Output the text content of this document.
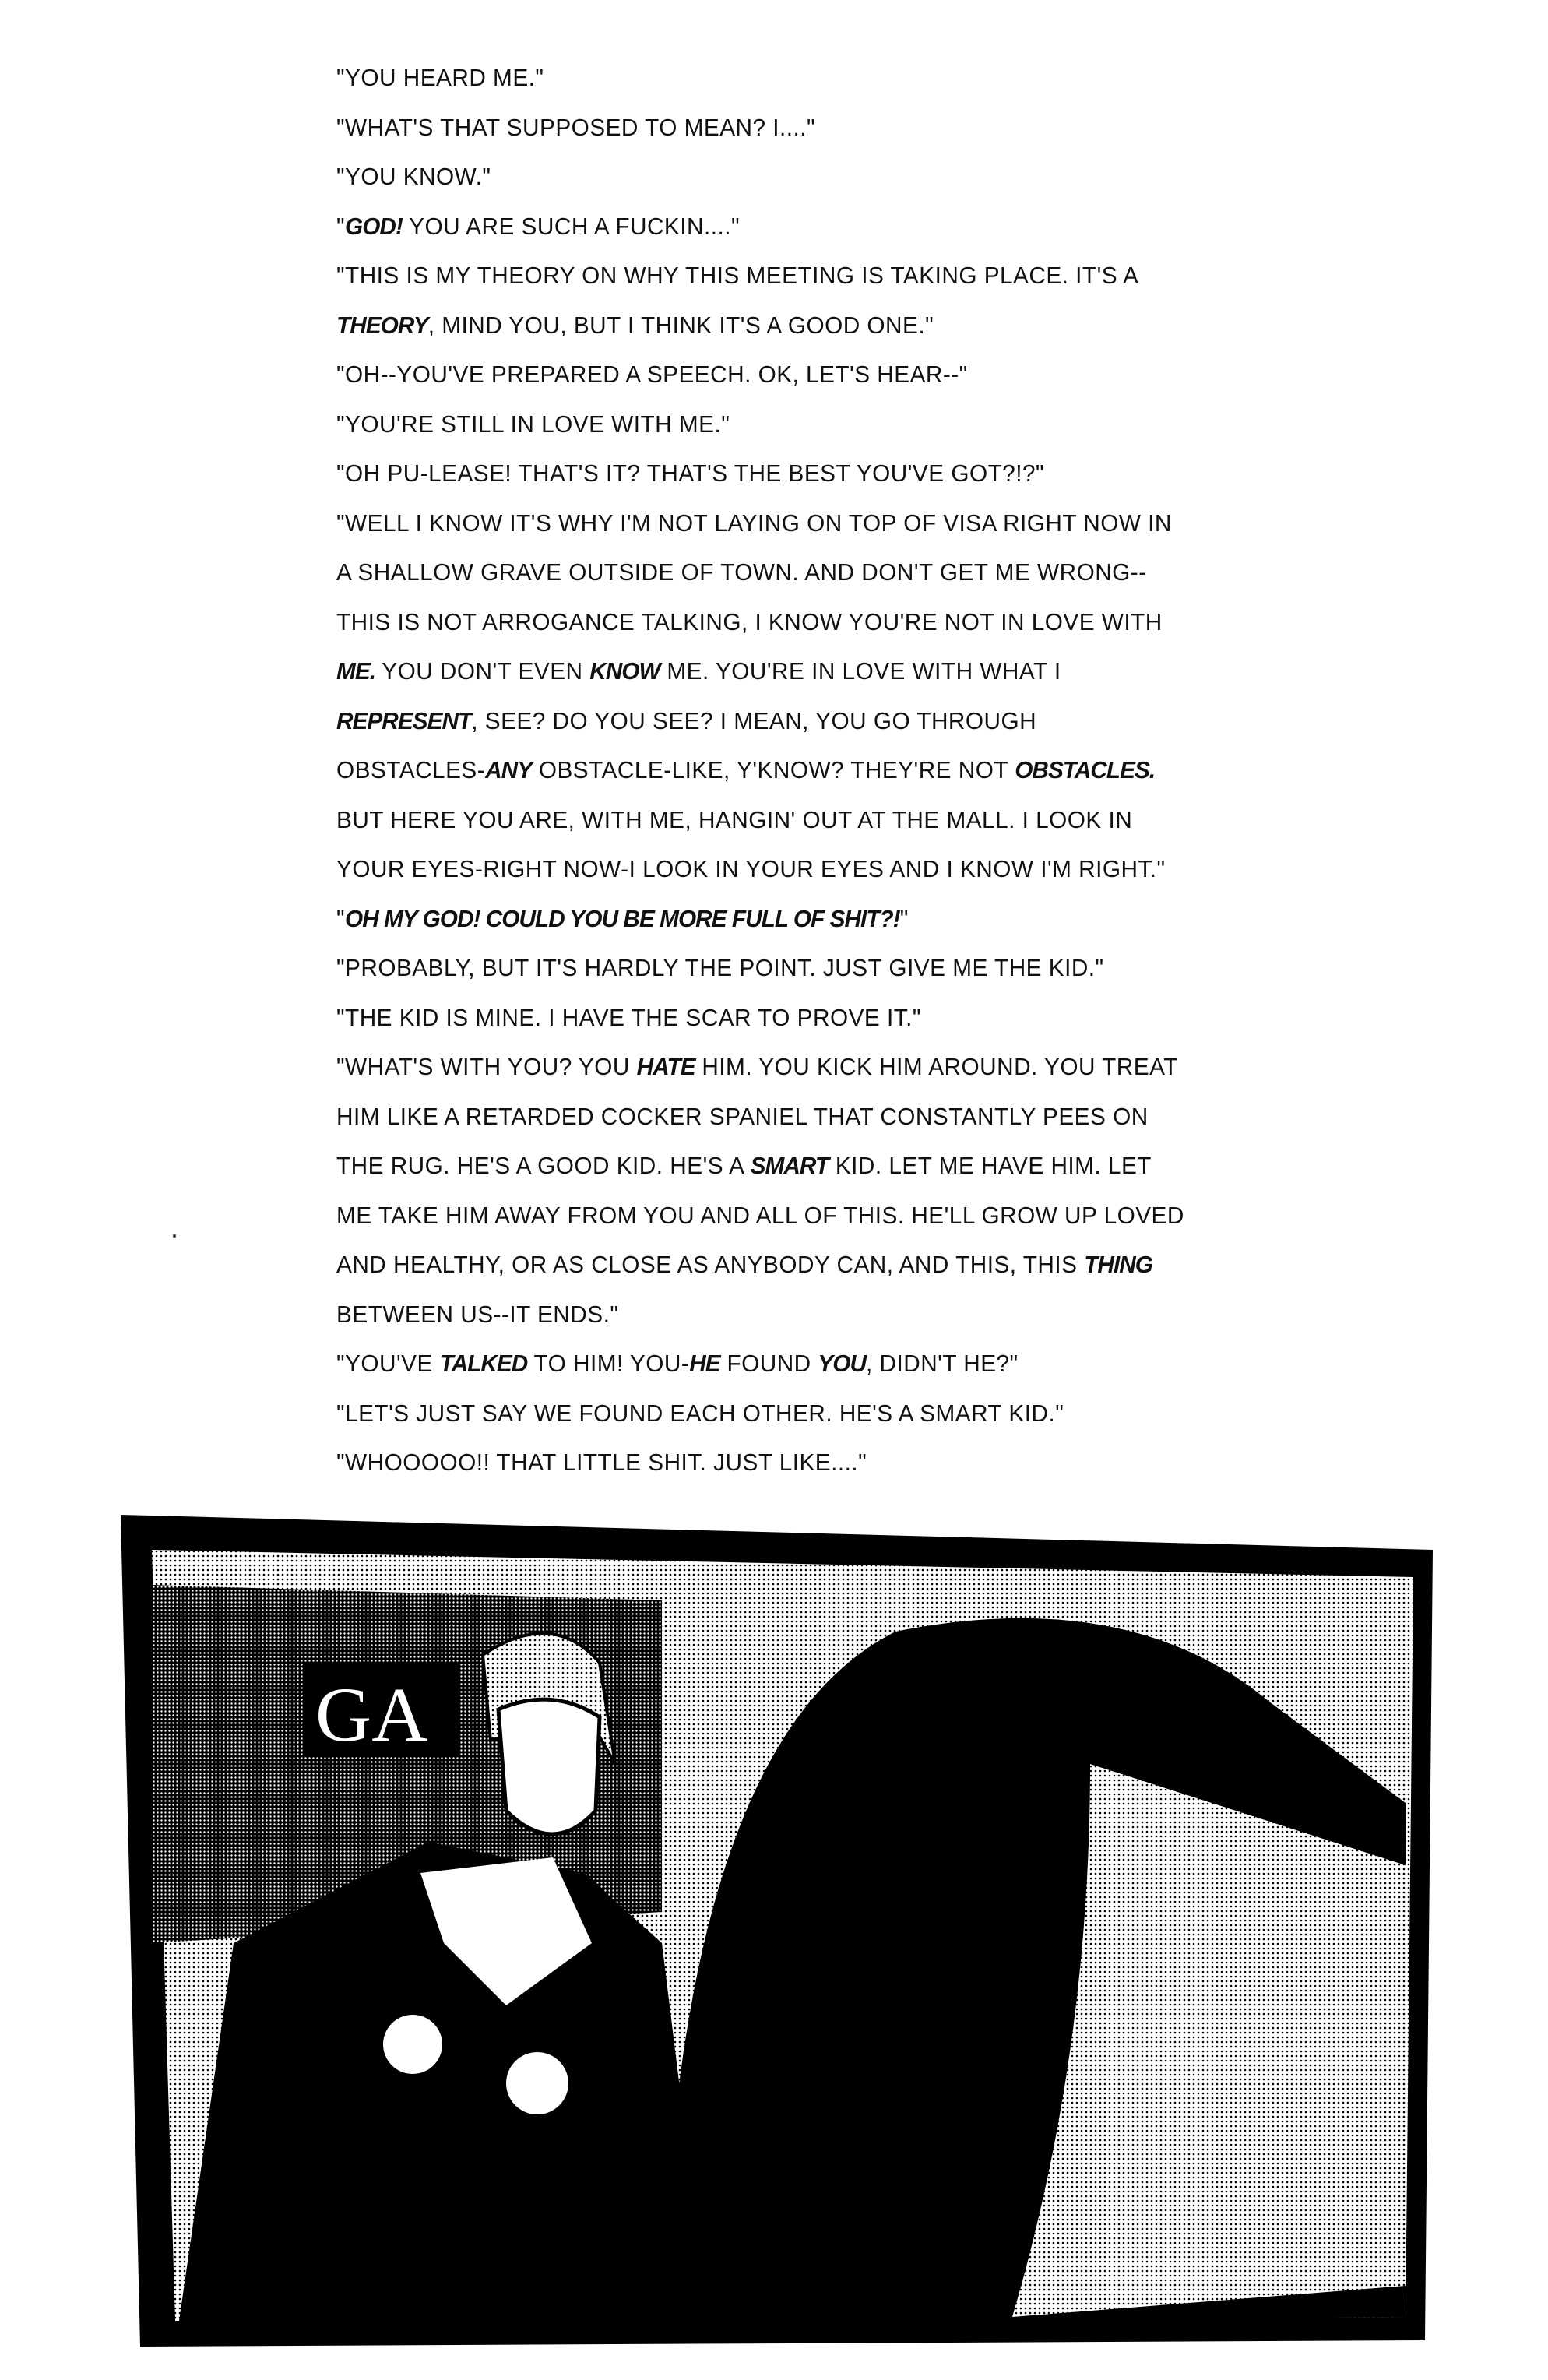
"YOU HEARD ME."
"WHAT'S THAT SUPPOSED TO MEAN? I...."
"YOU KNOW."
"GOD! YOU ARE SUCH A FUCKIN...."
"THIS IS MY THEORY ON WHY THIS MEETING IS TAKING PLACE. IT'S A
THEORY, MIND YOU, BUT I THINK IT'S A GOOD ONE."
"OH--YOU'VE PREPARED A SPEECH. OK, LET'S HEAR--"
"YOU'RE STILL IN LOVE WITH ME."
"OH PU-LEASE! THAT'S IT? THAT'S THE BEST YOU'VE GOT?!?"
"WELL I KNOW IT'S WHY I'M NOT LAYING ON TOP OF VISA RIGHT NOW IN
A SHALLOW GRAVE OUTSIDE OF TOWN. AND DON'T GET ME WRONG--
THIS IS NOT ARROGANCE TALKING, I KNOW YOU'RE NOT IN LOVE WITH
ME. YOU DON'T EVEN KNOW ME. YOU'RE IN LOVE WITH WHAT I
REPRESENT, SEE? DO YOU SEE? I MEAN, YOU GO THROUGH
OBSTACLES-ANY OBSTACLE-LIKE, Y'KNOW? THEY'RE NOT OBSTACLES.
BUT HERE YOU ARE, WITH ME, HANGIN' OUT AT THE MALL. I LOOK IN
YOUR EYES-RIGHT NOW-I LOOK IN YOUR EYES AND I KNOW I'M RIGHT."
"OH MY GOD! COULD YOU BE MORE FULL OF SHIT?!"
"PROBABLY, BUT IT'S HARDLY THE POINT. JUST GIVE ME THE KID."
"THE KID IS MINE. I HAVE THE SCAR TO PROVE IT."
"WHAT'S WITH YOU? YOU HATE HIM. YOU KICK HIM AROUND. YOU TREAT
HIM LIKE A RETARDED COCKER SPANIEL THAT CONSTANTLY PEES ON
THE RUG. HE'S A GOOD KID. HE'S A SMART KID. LET ME HAVE HIM. LET
ME TAKE HIM AWAY FROM YOU AND ALL OF THIS. HE'LL GROW UP LOVED
AND HEALTHY, OR AS CLOSE AS ANYBODY CAN, AND THIS, THIS THING
BETWEEN US--IT ENDS."
"YOU'VE TALKED TO HIM! YOU-HE FOUND YOU, DIDN'T HE?"
"LET'S JUST SAY WE FOUND EACH OTHER. HE'S A SMART KID."
"WHOOOOO!! THAT LITTLE SHIT. JUST LIKE...."
GA
